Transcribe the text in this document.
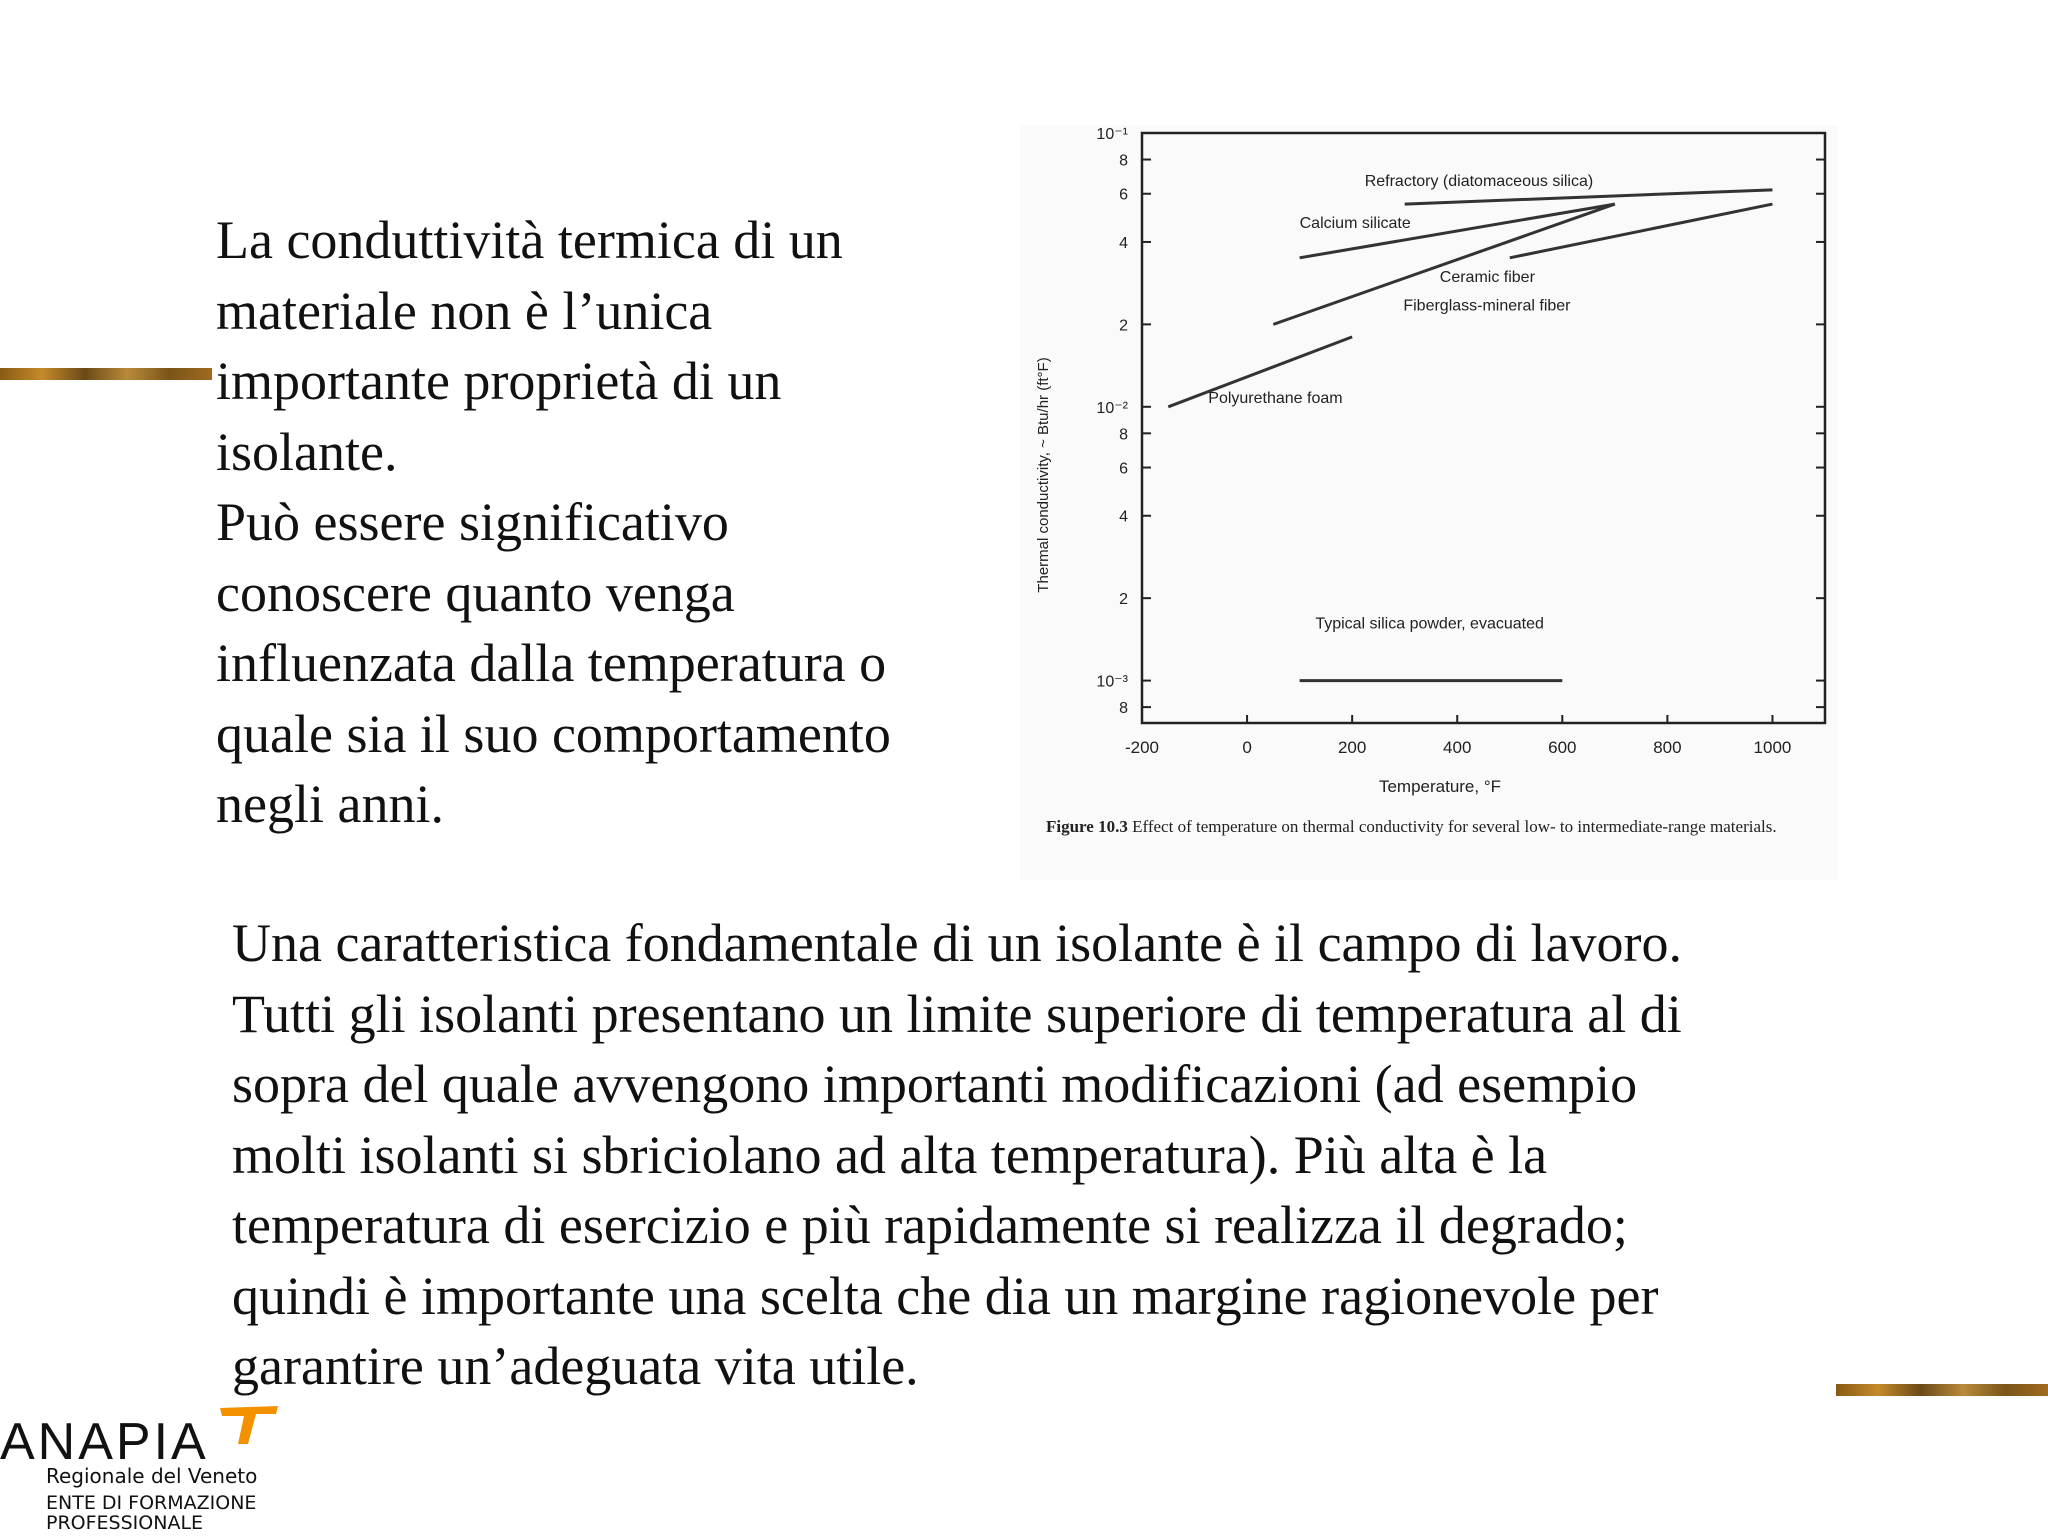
La conduttività termica di un
materiale non è l’unica
importante proprietà di un
isolante.
Può essere significativo
conoscere quanto venga
influenzata dalla temperatura o
quale sia il suo comportamento
negli anni.
-200	0	200	400	600	800	1000
10⁻¹
8
6
4
2
10⁻²
8
6
4
2
10⁻³
8
Refractory (diatomaceous silica)
Calcium silicate
Ceramic fiber
Fiberglass-mineral fiber
Polyurethane foam
Typical silica powder, evacuated
Temperature, °F
Thermal conductivity, ~ Btu/hr (ft°F)
Figure 10.3 Effect of temperature on thermal conductivity for several low- to intermediate-range materials.
Una caratteristica fondamentale di un isolante è il campo di lavoro.
Tutti gli isolanti presentano un limite superiore di temperatura al di
sopra del quale avvengono importanti modificazioni (ad esempio
molti isolanti si sbriciolano ad alta temperatura). Più alta è la
temperatura di esercizio e più rapidamente si realizza il degrado;
quindi è importante una scelta che dia un margine ragionevole per
garantire un’adeguata vita utile.
ANAPIA
Regionale del Veneto
ENTE DI FORMAZIONE PROFESSIONALE
